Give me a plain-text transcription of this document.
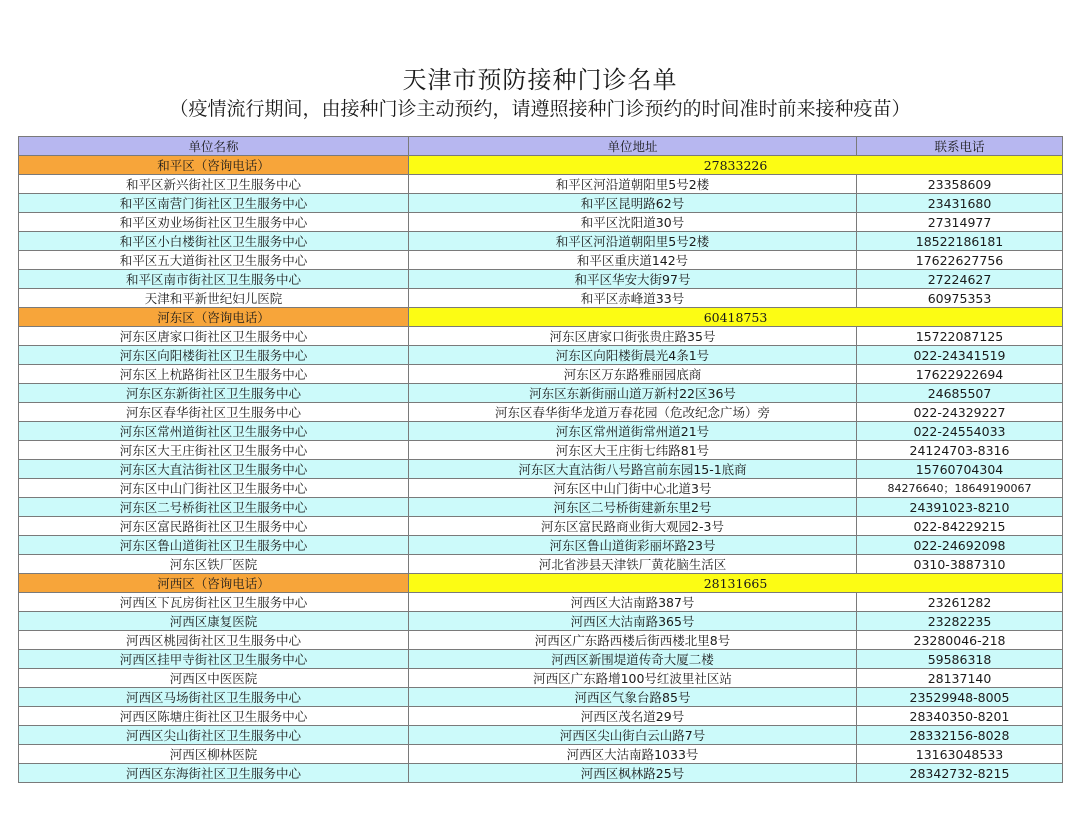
天津市预防接种门诊名单
（疫情流行期间，由接种门诊主动预约，请遵照接种门诊预约的时间准时前来接种疫苗）
单位名称	单位地址	联系电话
和平区（咨询电话）	27833226	
和平区新兴街社区卫生服务中心	和平区河沿道朝阳里5号2楼	23358609
和平区南营门街社区卫生服务中心	和平区昆明路62号	23431680
和平区劝业场街社区卫生服务中心	和平区沈阳道30号	27314977
和平区小白楼街社区卫生服务中心	和平区河沿道朝阳里5号2楼	18522186181
和平区五大道街社区卫生服务中心	和平区重庆道142号	17622627756
和平区南市街社区卫生服务中心	和平区华安大街97号	27224627
天津和平新世纪妇儿医院	和平区赤峰道33号	60975353
河东区（咨询电话）	60418753	
河东区唐家口街社区卫生服务中心	河东区唐家口街张贵庄路35号	15722087125
河东区向阳楼街社区卫生服务中心	河东区向阳楼街晨光4条1号	022-24341519
河东区上杭路街社区卫生服务中心	河东区万东路雅丽园底商	17622922694
河东区东新街社区卫生服务中心	河东区东新街丽山道万新村22区36号	24685507
河东区春华街社区卫生服务中心	河东区春华街华龙道万春花园（危改纪念广场）旁	022-24329227
河东区常州道街社区卫生服务中心	河东区常州道街常州道21号	022-24554033
河东区大王庄街社区卫生服务中心	河东区大王庄街七纬路81号	24124703-8316
河东区大直沽街社区卫生服务中心	河东区大直沽街八号路宫前东园15-1底商	15760704304
河东区中山门街社区卫生服务中心	河东区中山门街中心北道3号	84276640；18649190067
河东区二号桥街社区卫生服务中心	河东区二号桥街建新东里2号	24391023-8210
河东区富民路街社区卫生服务中心	河东区富民路商业街大观园2-3号	022-84229215
河东区鲁山道街社区卫生服务中心	河东区鲁山道街彩丽坏路23号	022-24692098
河东区铁厂医院	河北省涉县天津铁厂黄花脑生活区	0310-3887310
河西区（咨询电话）	28131665	
河西区下瓦房街社区卫生服务中心	河西区大沽南路387号	23261282
河西区康复医院	河西区大沽南路365号	23282235
河西区桃园街社区卫生服务中心	河西区广东路西楼后街西楼北里8号	23280046-218
河西区挂甲寺街社区卫生服务中心	河西区新围堤道传奇大厦二楼	59586318
河西区中医医院	河西区广东路增100号红波里社区站	28137140
河西区马场街社区卫生服务中心	河西区气象台路85号	23529948-8005
河西区陈塘庄街社区卫生服务中心	河西区茂名道29号	28340350-8201
河西区尖山街社区卫生服务中心	河西区尖山街白云山路7号	28332156-8028
河西区柳林医院	河西区大沽南路1033号	13163048533
河西区东海街社区卫生服务中心	河西区枫林路25号	28342732-8215
